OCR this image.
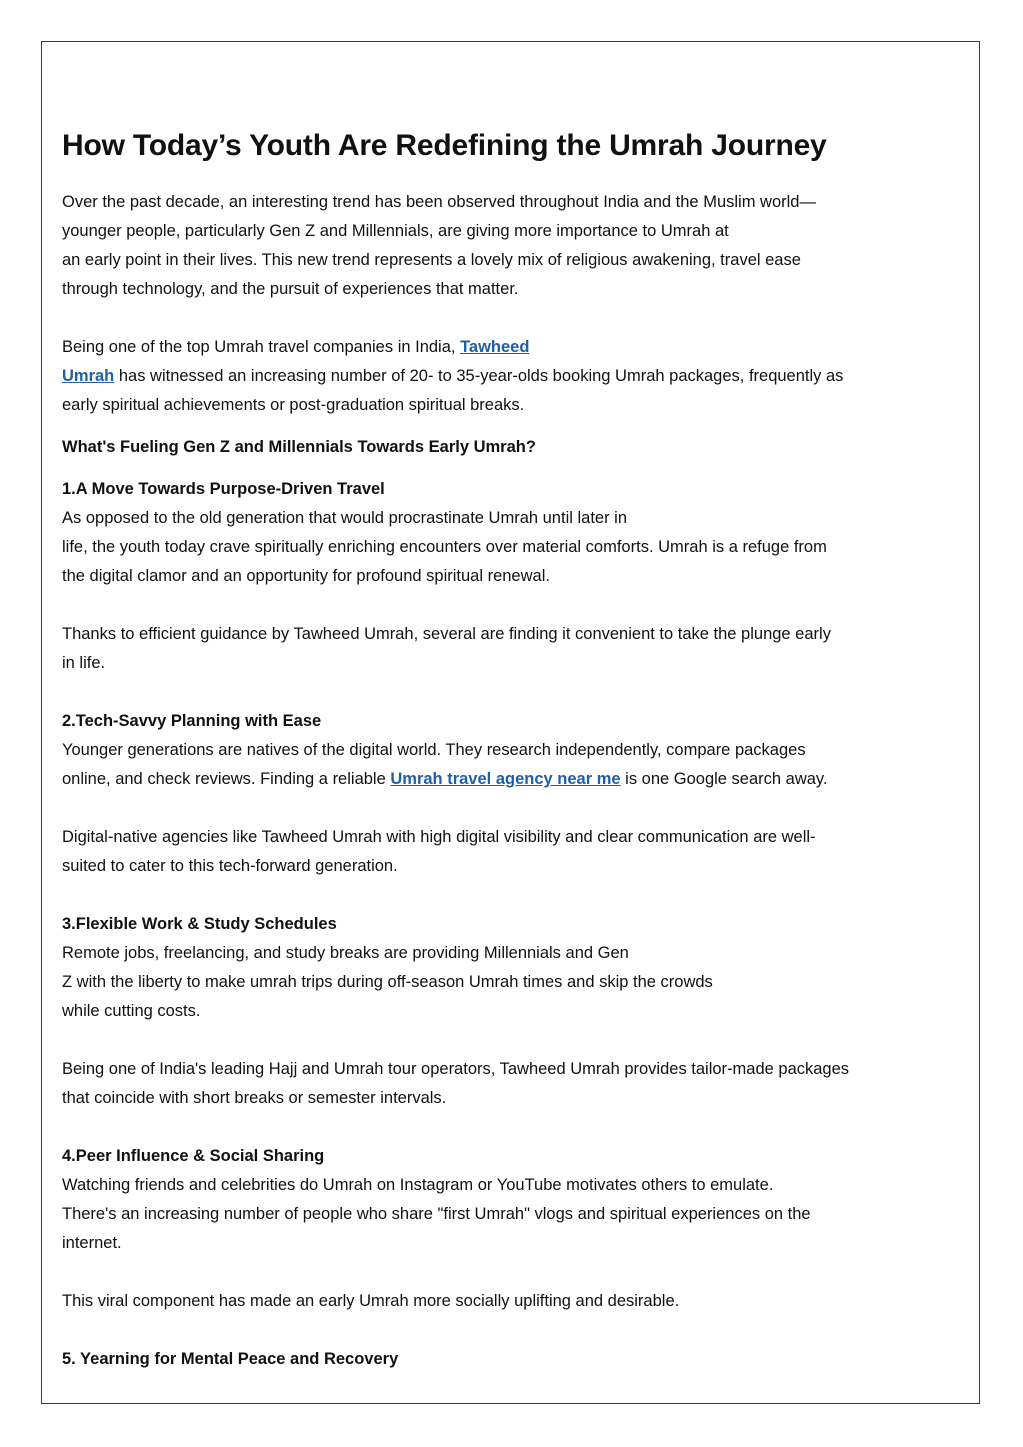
How Today’s Youth Are Redefining the Umrah Journey

Over the past decade, an interesting trend has been observed throughout India and the Muslim world—

younger people, particularly Gen Z and Millennials, are giving more importance to Umrah at

an early point in their lives. This new trend represents a lovely mix of religious awakening, travel ease

through technology, and the pursuit of experiences that matter.

Being one of the top Umrah travel companies in India, Tawheed

Umrah has witnessed an increasing number of 20- to 35-year-olds booking Umrah packages, frequently as

early spiritual achievements or post-graduation spiritual breaks.

What's Fueling Gen Z and Millennials Towards Early Umrah?

1.A Move Towards Purpose-Driven Travel

As opposed to the old generation that would procrastinate Umrah until later in

life, the youth today crave spiritually enriching encounters over material comforts. Umrah is a refuge from

the digital clamor and an opportunity for profound spiritual renewal.

Thanks to efficient guidance by Tawheed Umrah, several are finding it convenient to take the plunge early

in life.

2.Tech-Savvy Planning with Ease

Younger generations are natives of the digital world. They research independently, compare packages

online, and check reviews. Finding a reliable Umrah travel agency near me is one Google search away.

Digital-native agencies like Tawheed Umrah with high digital visibility and clear communication are well-

suited to cater to this tech-forward generation.

3.Flexible Work & Study Schedules

Remote jobs, freelancing, and study breaks are providing Millennials and Gen

Z with the liberty to make umrah trips during off-season Umrah times and skip the crowds

while cutting costs.

Being one of India's leading Hajj and Umrah tour operators, Tawheed Umrah provides tailor-made packages

that coincide with short breaks or semester intervals.

4.Peer Influence & Social Sharing

Watching friends and celebrities do Umrah on Instagram or YouTube motivates others to emulate.

There's an increasing number of people who share "first Umrah" vlogs and spiritual experiences on the

internet.

This viral component has made an early Umrah more socially uplifting and desirable.

5. Yearning for Mental Peace and Recovery
